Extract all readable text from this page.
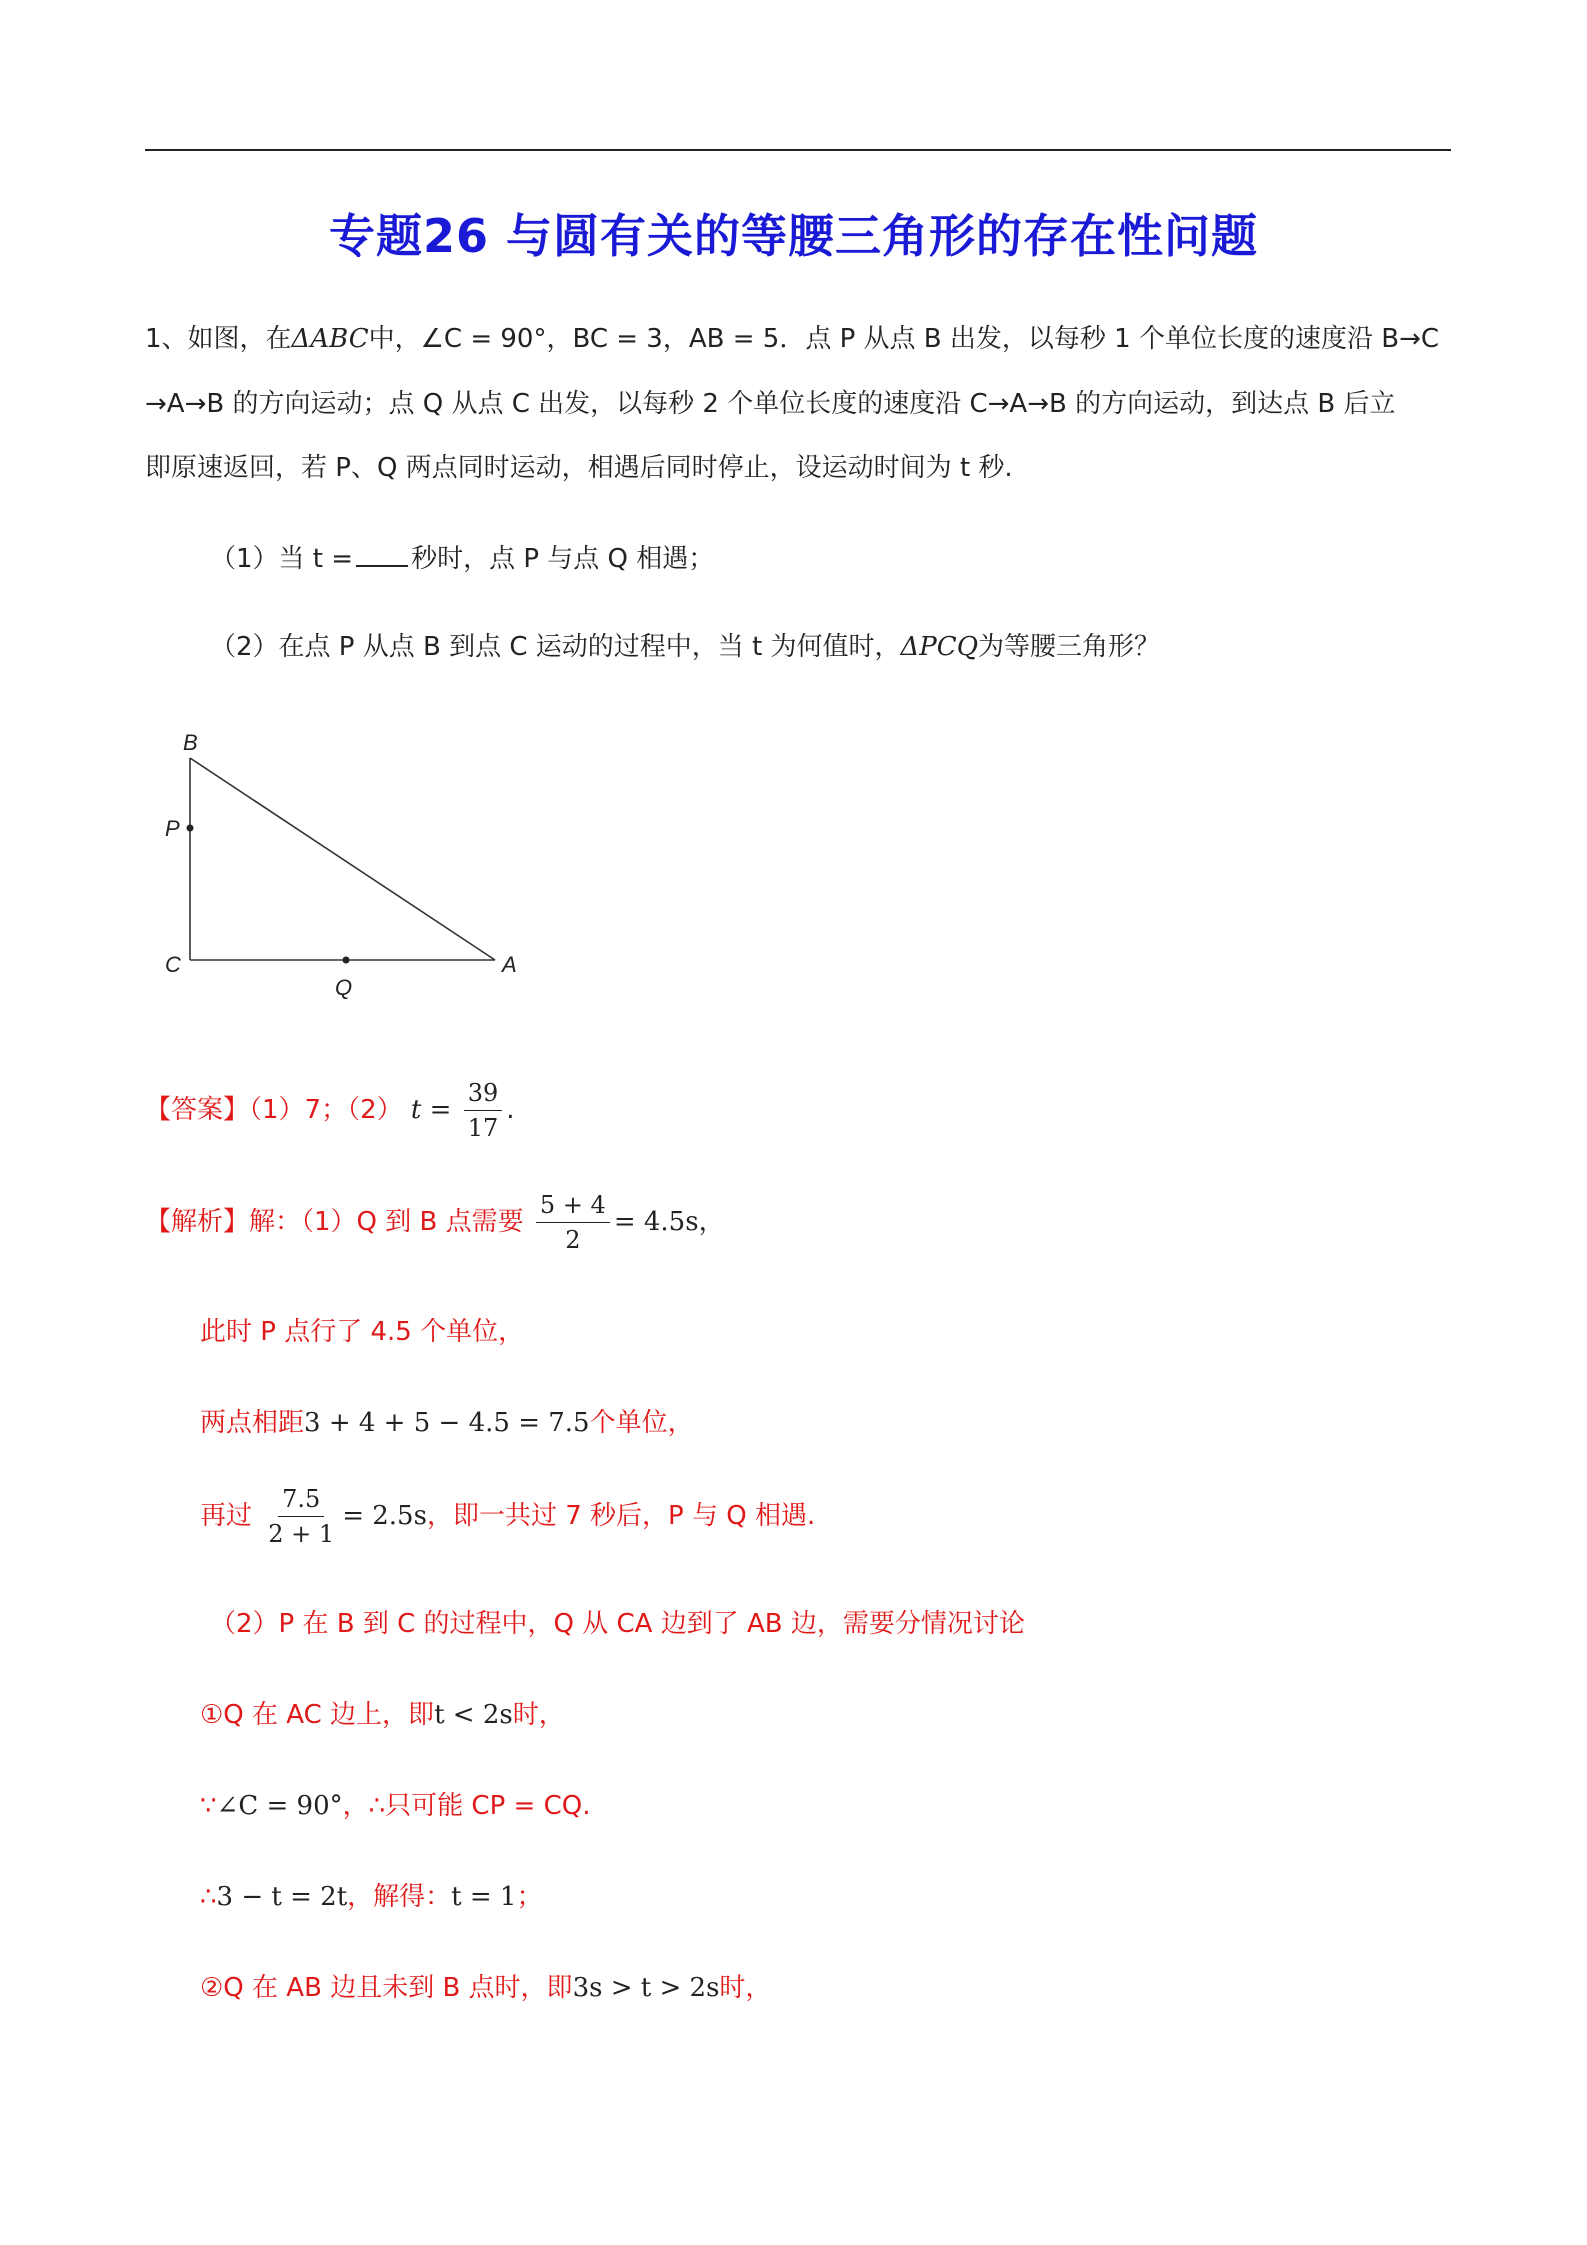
专题26 与圆有关的等腰三角形的存在性问题
1、如图，在ΔABC中，∠C = 90°，BC = 3，AB = 5．点 P 从点 B 出发，以每秒 1 个单位长度的速度沿 B→C
→A→B 的方向运动；点 Q 从点 C 出发，以每秒 2 个单位长度的速度沿 C→A→B 的方向运动，到达点 B 后立
即原速返回，若 P、Q 两点同时运动，相遇后同时停止，设运动时间为 t 秒.
（1）当 t = 秒时，点 P 与点 Q 相遇；
（2）在点 P 从点 B 到点 C 运动的过程中，当 t 为何值时，ΔPCQ为等腰三角形？
B
P
C
Q
A
【答案】（1）7；（2） $t = \frac{39}{17}$ .
【解析】解：（1）Q 到 B 点需要 $\frac{5 + 4}{2} = 4.5s$，
此时 P 点行了 4.5 个单位，
两点相距3 + 4 + 5 − 4.5 = 7.5个单位，
再过 $\frac{7.5}{2 + 1} = 2.5s$，即一共过 7 秒后，P 与 Q 相遇.
（2）P 在 B 到 C 的过程中，Q 从 CA 边到了 AB 边，需要分情况讨论
①Q 在 AC 边上，即t < 2s时，
∵∠C = 90°，∴只可能 CP = CQ.
∴3 − t = 2t，解得：t = 1；
②Q 在 AB 边且未到 B 点时，即3s > t > 2s时，
